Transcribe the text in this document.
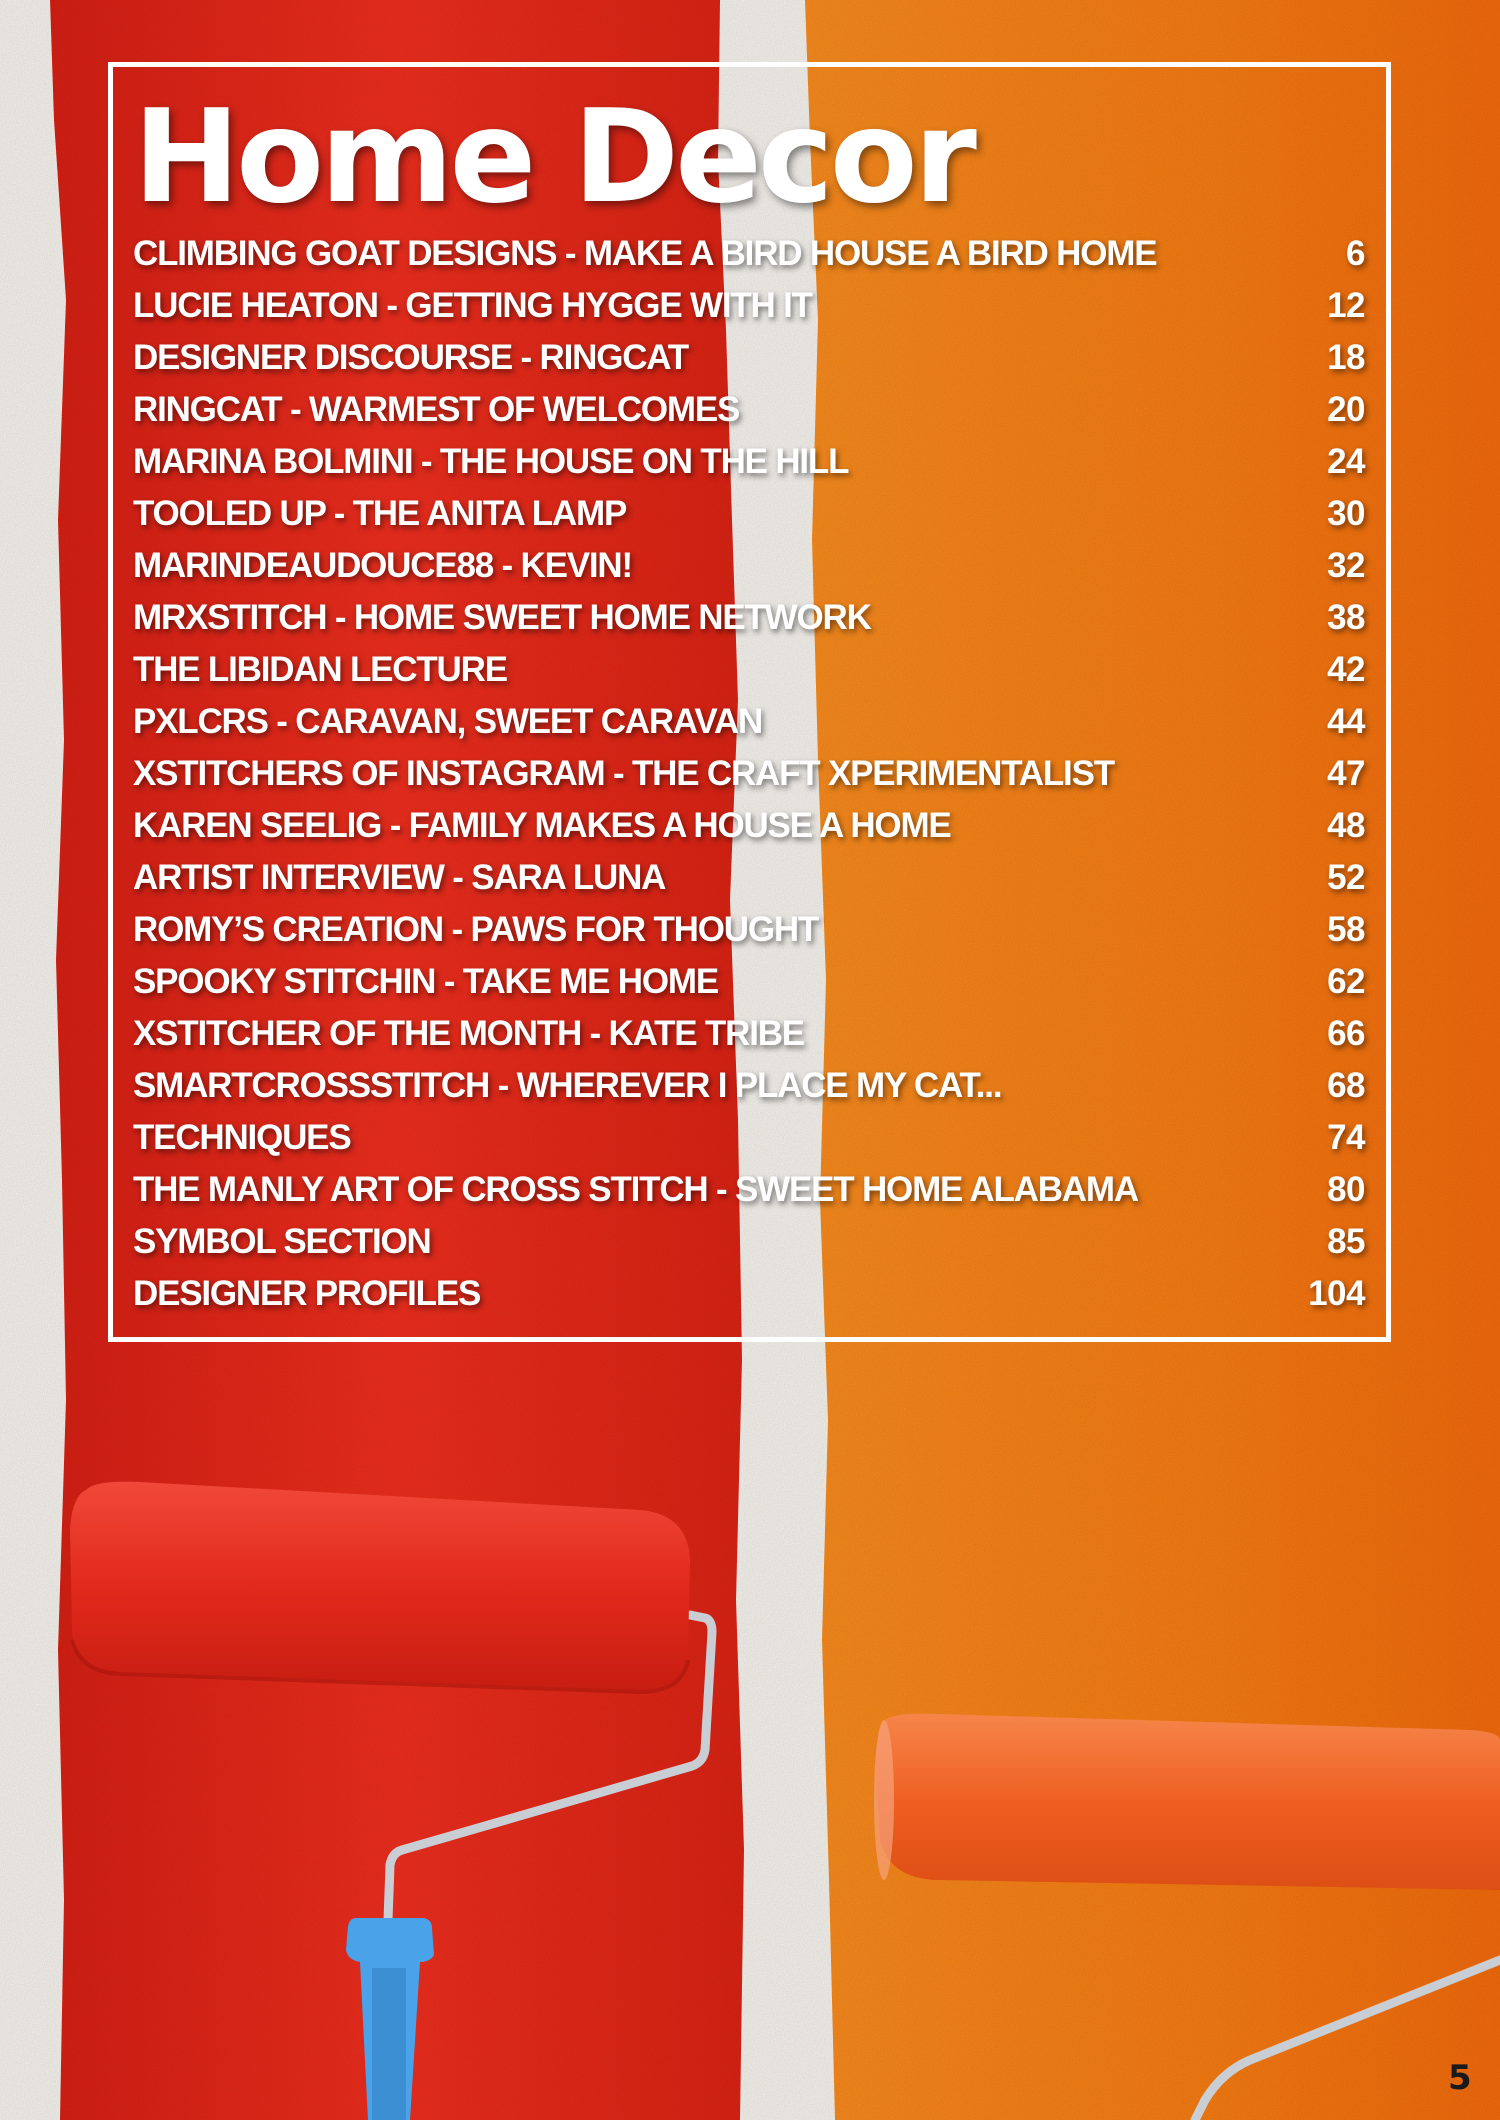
Home Decor
CLIMBING GOAT DESIGNS - MAKE A BIRD HOUSE A BIRD HOME	6
LUCIE HEATON - GETTING HYGGE WITH IT	12
DESIGNER DISCOURSE - RINGCAT	18
RINGCAT - WARMEST OF WELCOMES	20
MARINA BOLMINI - THE HOUSE ON THE HILL	24
TOOLED UP - THE ANITA LAMP	30
MARINDEAUDOUCE88 - KEVIN!	32
MRXSTITCH - HOME SWEET HOME NETWORK	38
THE LIBIDAN LECTURE	42
PXLCRS - CARAVAN, SWEET CARAVAN	44
XSTITCHERS OF INSTAGRAM - THE CRAFT XPERIMENTALIST	47
KAREN SEELIG - FAMILY MAKES A HOUSE A HOME	48
ARTIST INTERVIEW - SARA LUNA	52
ROMY’S CREATION - PAWS FOR THOUGHT	58
SPOOKY STITCHIN - TAKE ME HOME	62
XSTITCHER OF THE MONTH - KATE TRIBE	66
SMARTCROSSSTITCH - WHEREVER I PLACE MY CAT...	68
TECHNIQUES	74
THE MANLY ART OF CROSS STITCH - SWEET HOME ALABAMA	80
SYMBOL SECTION	85
DESIGNER PROFILES	104
5
